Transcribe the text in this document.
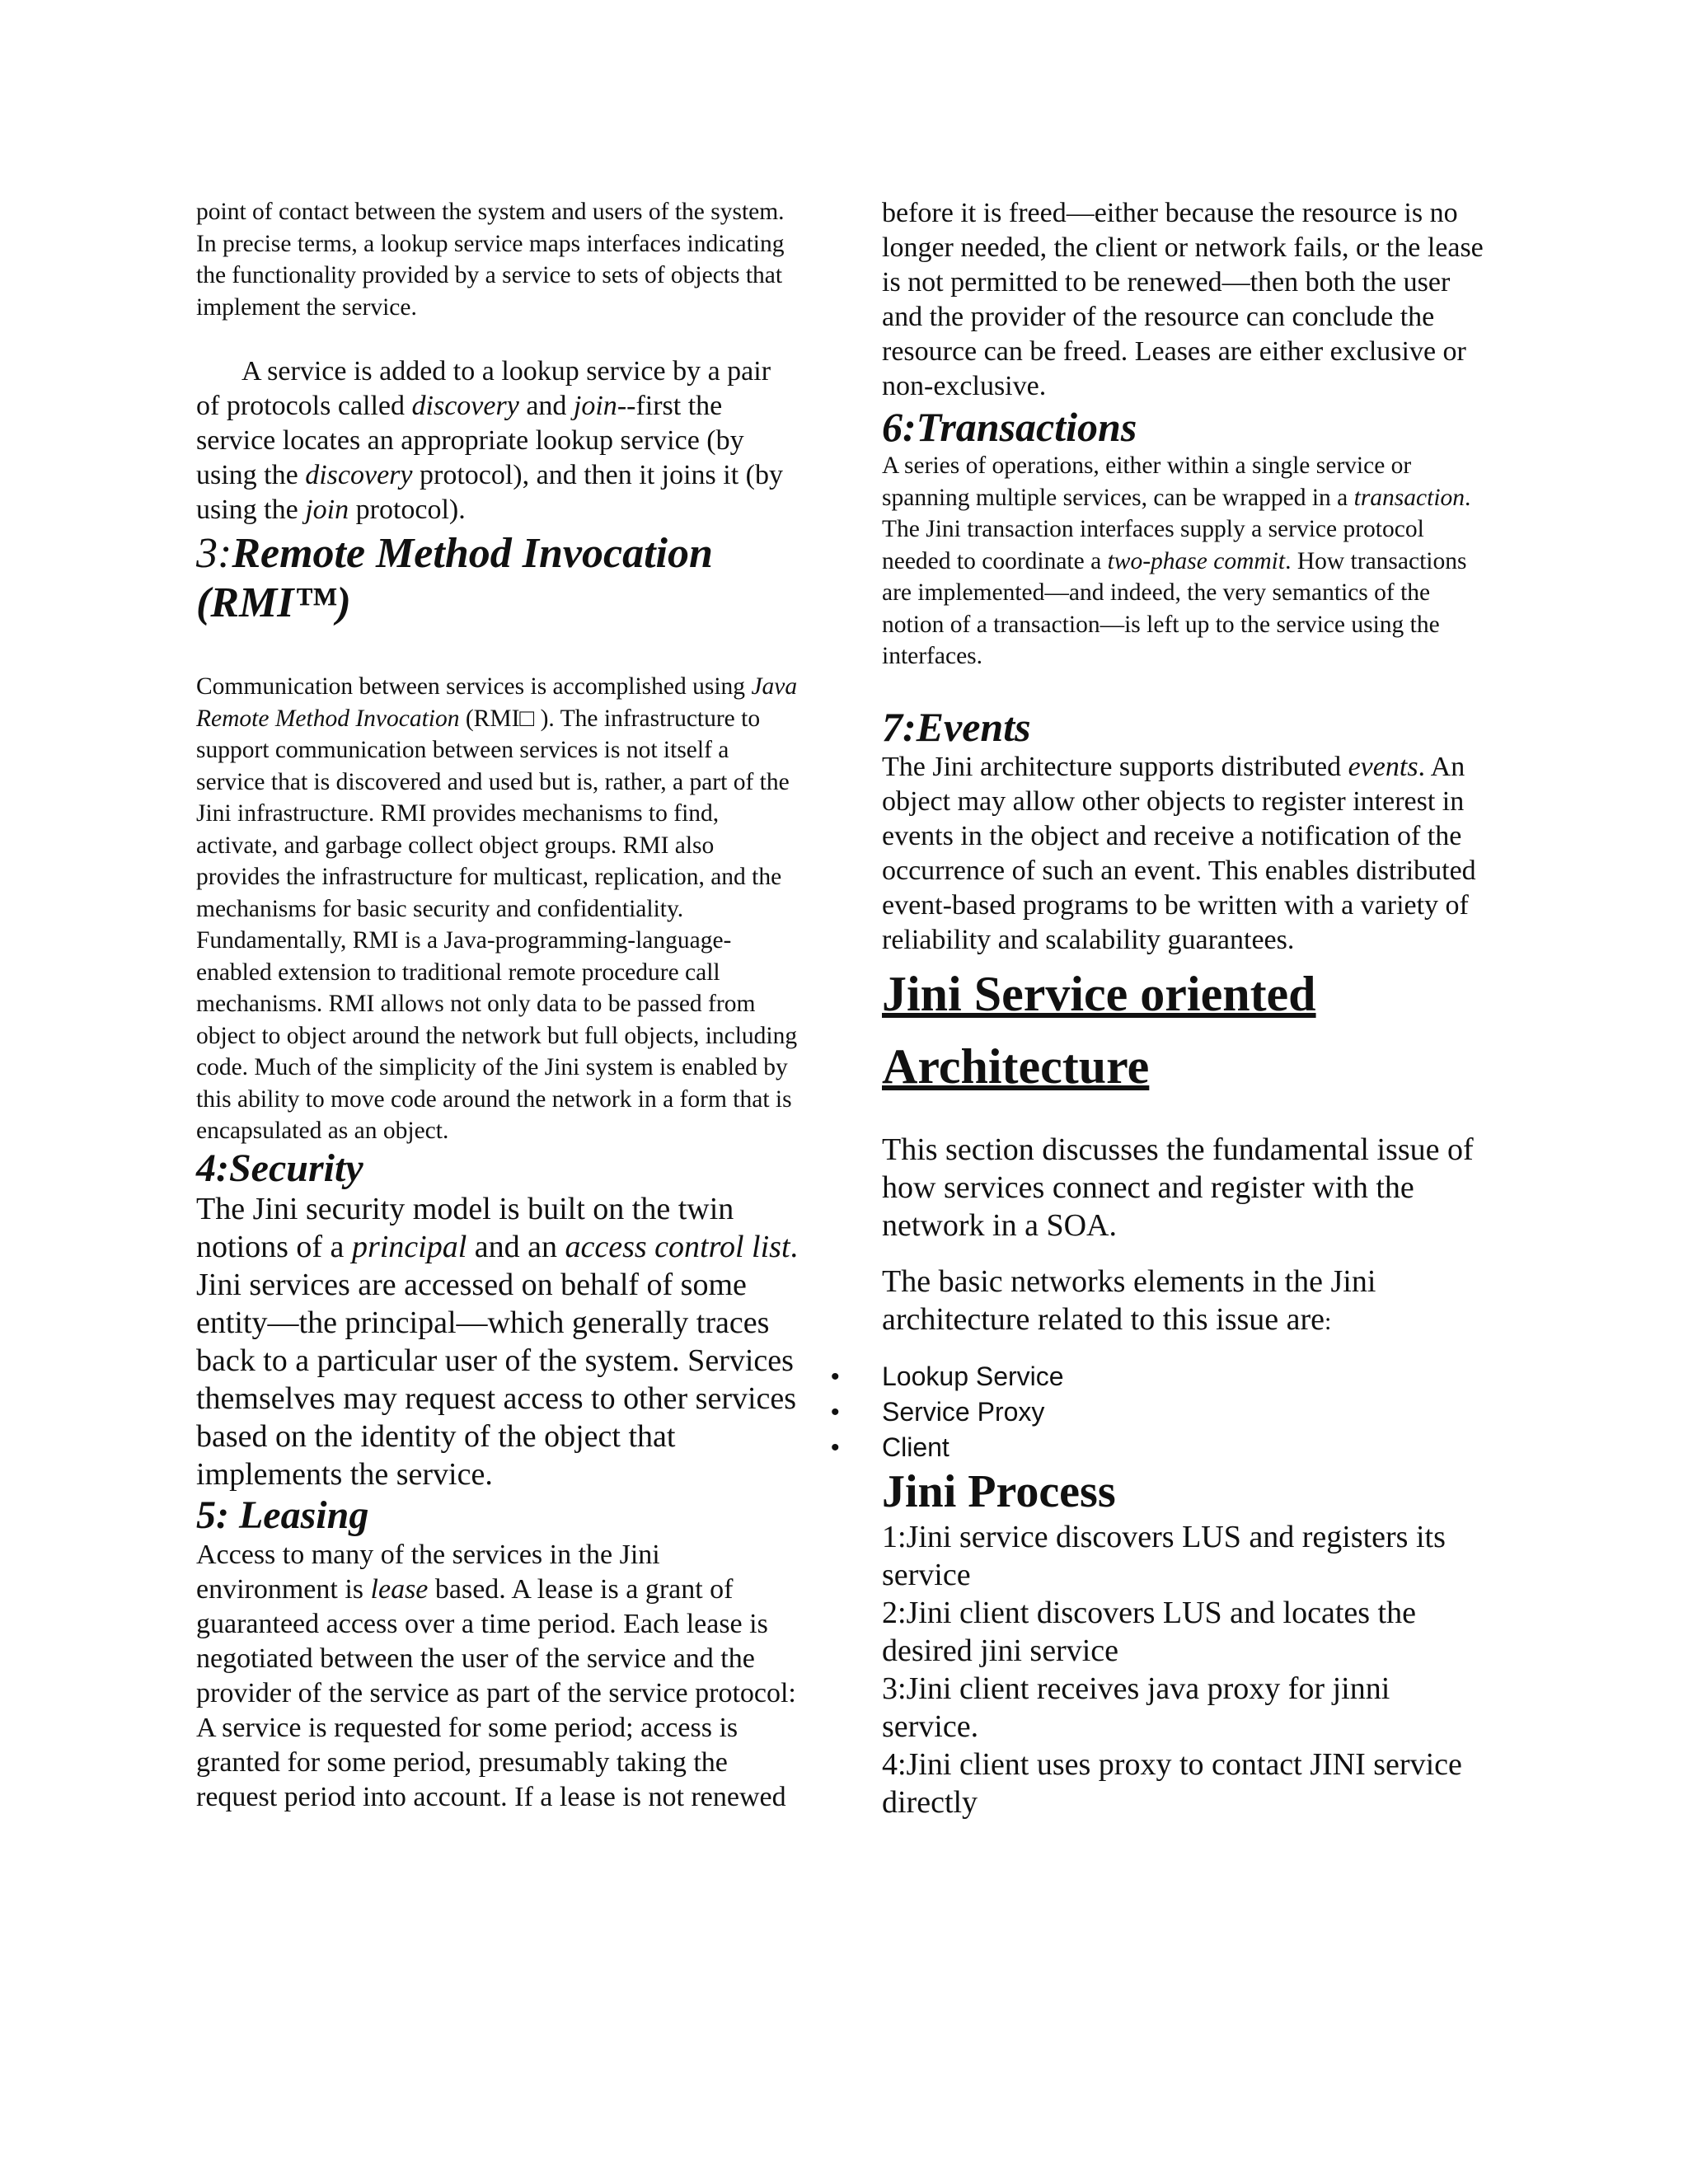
point of contact between the system and users of the system. In precise terms, a lookup service maps interfaces indicating the functionality provided by a service to sets of objects that implement the service.

A service is added to a lookup service by a pair of protocols called discovery and join--first the service locates an appropriate lookup service (by using the discovery protocol), and then it joins it (by using the join protocol).

3:Remote Method Invocation (RMI™)

Communication between services is accomplished using Java Remote Method Invocation (RMI□ ). The infrastructure to support communication between services is not itself a service that is discovered and used but is, rather, a part of the Jini infrastructure. RMI provides mechanisms to find, activate, and garbage collect object groups. RMI also provides the infrastructure for multicast, replication, and the mechanisms for basic security and confidentiality. Fundamentally, RMI is a Java-programming-language-enabled extension to traditional remote procedure call mechanisms. RMI allows not only data to be passed from object to object around the network but full objects, including code. Much of the simplicity of the Jini system is enabled by this ability to move code around the network in a form that is encapsulated as an object.

4:Security

The Jini security model is built on the twin notions of a principal and an access control list. Jini services are accessed on behalf of some entity—the principal—which generally traces back to a particular user of the system. Services themselves may request access to other services based on the identity of the object that implements the service.

5: Leasing

Access to many of the services in the Jini environment is lease based. A lease is a grant of guaranteed access over a time period. Each lease is negotiated between the user of the service and the provider of the service as part of the service protocol: A service is requested for some period; access is granted for some period, presumably taking the request period into account. If a lease is not renewed

before it is freed—either because the resource is no longer needed, the client or network fails, or the lease is not permitted to be renewed—then both the user and the provider of the resource can conclude the resource can be freed. Leases are either exclusive or non-exclusive.

6:Transactions

A series of operations, either within a single service or spanning multiple services, can be wrapped in a transaction. The Jini transaction interfaces supply a service protocol needed to coordinate a two-phase commit. How transactions are implemented—and indeed, the very semantics of the notion of a transaction—is left up to the service using the interfaces.

7:Events

The Jini architecture supports distributed events. An object may allow other objects to register interest in events in the object and receive a notification of the occurrence of such an event. This enables distributed event-based programs to be written with a variety of reliability and scalability guarantees.

Jini Service oriented Architecture

This section discusses the fundamental issue of how services connect and register with the network in a SOA.

The basic networks elements in the Jini architecture related to this issue are:

• Lookup Service
• Service Proxy
• Client
Jini Process

1:Jini service discovers LUS and registers its service

2:Jini client discovers LUS and locates the desired jini service

3:Jini client receives java proxy for jinni service.

4:Jini client uses proxy to contact JINI service directly
